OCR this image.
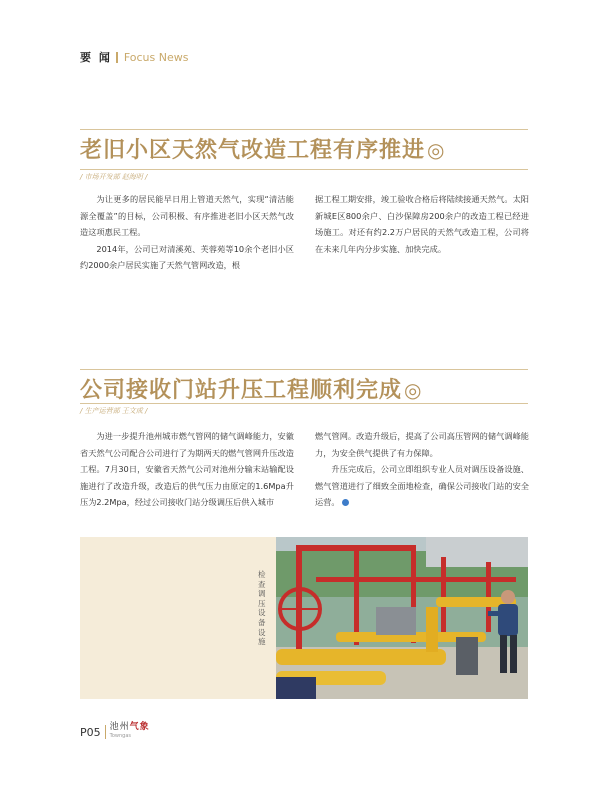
要 闻 Focus News
老旧小区天然气改造工程有序推进 ◎
/ 市场开发部 赵海明 /

为让更多的居民能早日用上管道天然气，实现“清洁能源全覆盖”的目标，公司积极、有序推进老旧小区天然气改造这项惠民工程。

2014年，公司已对清溪苑、芙蓉苑等10余个老旧小区约2000余户居民实施了天然气管网改造，根

据工程工期安排，竣工验收合格后将陆续接通天然气。太阳新城E区800余户、白沙保障房200余户的改造工程已经进场施工。对还有约2.2万户居民的天然气改造工程，公司将在未来几年内分步实施、加快完成。

公司接收门站升压工程顺利完成 ◎
/ 生产运营部 王文成 /

为进一步提升池州城市燃气管网的储气调峰能力，安徽省天然气公司配合公司进行了为期两天的燃气管网升压改造工程。7月30日，安徽省天然气公司对池州分输末站输配设施进行了改造升级，改造后的供气压力由原定的1.6Mpa升压为2.2Mpa，经过公司接收门站分级调压后供入城市

燃气管网。改造升级后，提高了公司高压管网的储气调峰能力，为安全供气提供了有力保障。

升压完成后，公司立即组织专业人员对调压设备设施、燃气管道进行了细致全面地检查，确保公司接收门站的安全运营。

检查调压设备设施
P05 池州气象
Towngas
